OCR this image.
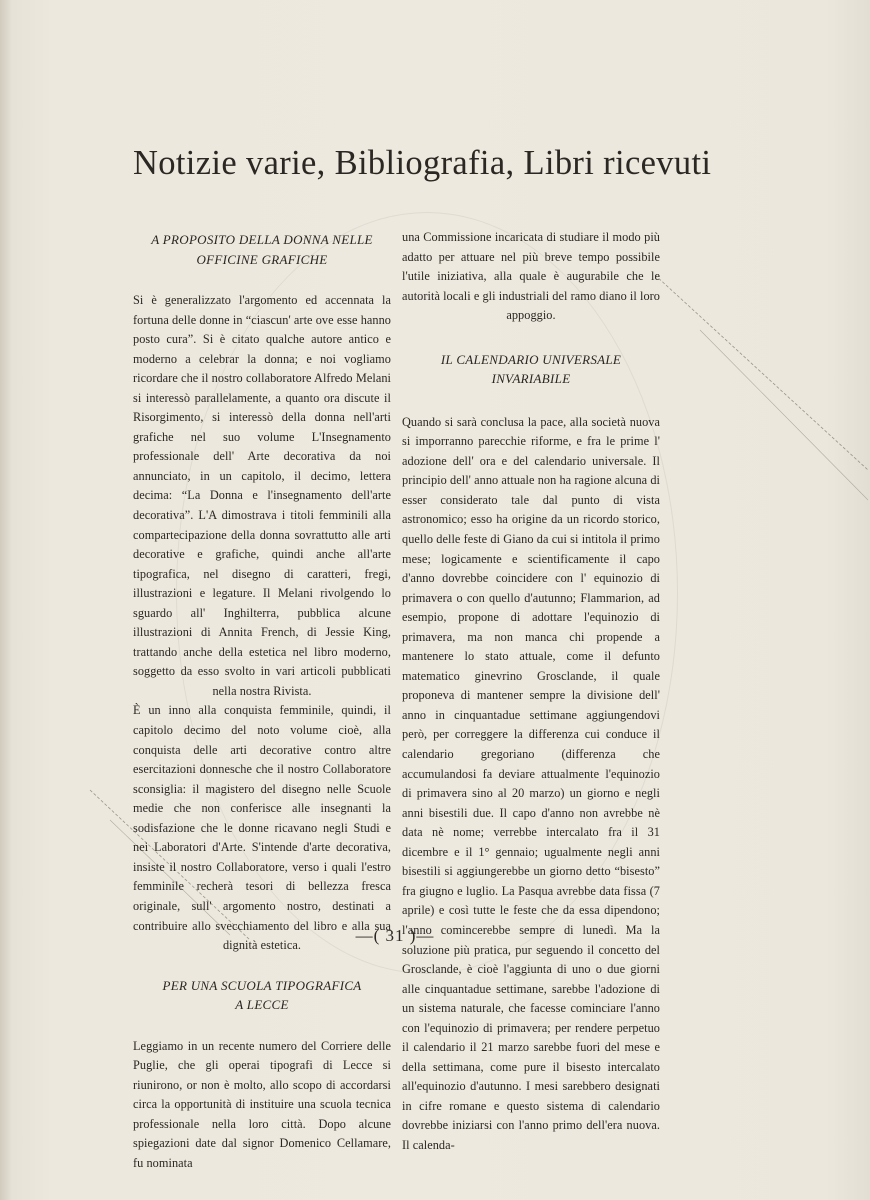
Notizie varie, Bibliografia, Libri ricevuti
A PROPOSITO DELLA DONNA NELLE
OFFICINE GRAFICHE

Si è generalizzato l'argomento ed accennata la fortuna delle donne in “ciascun' arte ove esse hanno posto cura”. Si è citato qualche autore antico e moderno a celebrar la donna; e noi vogliamo ricordare che il nostro collaboratore Alfredo Melani si interessò parallelamente, a quanto ora discute il Risorgimento, si interessò della donna nell'arti grafiche nel suo volume L'Insegnamento professionale dell' Arte decorativa da noi annunciato, in un capitolo, il decimo, lettera decima: “La Donna e l'insegnamento dell'arte decorativa”. L'A dimostrava i titoli femminili alla compartecipazione della donna sovrattutto alle arti decorative e grafiche, quindi anche all'arte tipografica, nel disegno di caratteri, fregi, illustrazioni e legature. Il Melani rivolgendo lo sguardo all' Inghilterra, pubblica alcune illustrazioni di Annita French, di Jessie King, trattando anche della estetica nel libro moderno, soggetto da esso svolto in vari articoli pubblicati nella nostra Rivista.

È un inno alla conquista femminile, quindi, il capitolo decimo del noto volume cioè, alla conquista delle arti decorative contro altre esercitazioni donnesche che il nostro Collaboratore sconsiglia: il magistero del disegno nelle Scuole medie che non conferisce alle insegnanti la sodisfazione che le donne ricavano negli Studi e nei Laboratori d'Arte. S'intende d'arte decorativa, insiste il nostro Collaboratore, verso i quali l'estro femminile recherà tesori di bellezza fresca originale, sull' argomento nostro, destinati a contribuire allo svecchiamento del libro e alla sua dignità estetica.

PER UNA SCUOLA TIPOGRAFICA
A LECCE

Leggiamo in un recente numero del Corriere delle Puglie, che gli operai tipografi di Lecce si riunirono, or non è molto, allo scopo di accordarsi circa la opportunità di instituire una scuola tecnica professionale nella loro città. Dopo alcune spiegazioni date dal signor Domenico Cellamare, fu nominata

una Commissione incaricata di studiare il modo più adatto per attuare nel più breve tempo possibile l'utile iniziativa, alla quale è augurabile che le autorità locali e gli industriali del ramo diano il loro appoggio.

IL CALENDARIO UNIVERSALE
INVARIABILE

Quando si sarà conclusa la pace, alla società nuova si imporranno parecchie riforme, e fra le prime l' adozione dell' ora e del calendario universale. Il principio dell' anno attuale non ha ragione alcuna di esser considerato tale dal punto di vista astronomico; esso ha origine da un ricordo storico, quello delle feste di Giano da cui si intitola il primo mese; logicamente e scientificamente il capo d'anno dovrebbe coincidere con l' equinozio di primavera o con quello d'autunno; Flammarion, ad esempio, propone di adottare l'equinozio di primavera, ma non manca chi propende a mantenere lo stato attuale, come il defunto matematico ginevrino Grosclande, il quale proponeva di mantener sempre la divisione dell' anno in cinquantadue settimane aggiungendovi però, per correggere la differenza cui conduce il calendario gregoriano (differenza che accumulandosi fa deviare attualmente l'equinozio di primavera sino al 20 marzo) un giorno e negli anni bisestili due. Il capo d'anno non avrebbe nè data nè nome; verrebbe intercalato fra il 31 dicembre e il 1° gennaio; ugualmente negli anni bisestili si aggiungerebbe un giorno detto “bisesto” fra giugno e luglio. La Pasqua avrebbe data fissa (7 aprile) e così tutte le feste che da essa dipendono; l'anno comincerebbe sempre di lunedì. Ma la soluzione più pratica, pur seguendo il concetto del Grosclande, è cioè l'aggiunta di uno o due giorni alle cinquantadue settimane, sarebbe l'adozione di un sistema naturale, che facesse cominciare l'anno con l'equinozio di primavera; per rendere perpetuo il calendario il 21 marzo sarebbe fuori del mese e della settimana, come pure il bisesto intercalato all'equinozio d'autunno. I mesi sarebbero designati in cifre romane e questo sistema di calendario dovrebbe iniziarsi con l'anno primo dell'era nuova. Il calenda-

—( 31 )—
